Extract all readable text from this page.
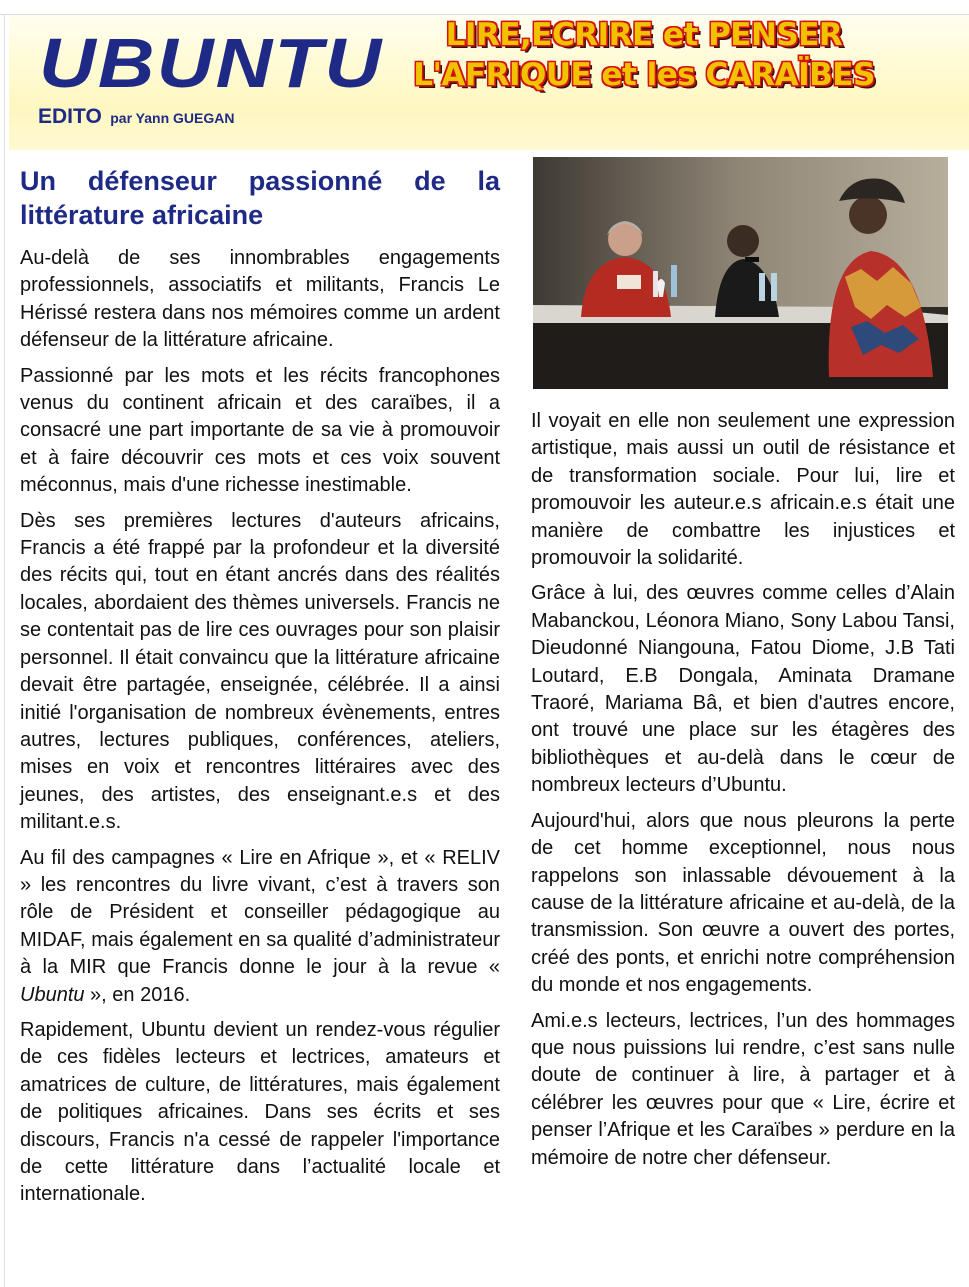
UBUNTU
EDITO par Yann GUEGAN
LIRE,ECRIRE et PENSER
L'AFRIQUE et les CARAÏBES
Un défenseur passionné de la littérature africaine

Au-delà de ses innombrables engagements professionnels, associatifs et militants, Francis Le Hérissé restera dans nos mémoires comme un ardent défenseur de la littérature africaine.

Passionné par les mots et les récits francophones venus du continent africain et des caraïbes, il a consacré une part importante de sa vie à promouvoir et à faire découvrir ces mots et ces voix souvent méconnus, mais d'une richesse inestimable.

Dès ses premières lectures d'auteurs africains, Francis a été frappé par la profondeur et la diversité des récits qui, tout en étant ancrés dans des réalités locales, abordaient des thèmes universels. Francis ne se contentait pas de lire ces ouvrages pour son plaisir personnel. Il était convaincu que la littérature africaine devait être partagée, enseignée, célébrée. Il a ainsi initié l'organisation de nombreux évènements, entres autres, lectures publiques, conférences, ateliers, mises en voix et rencontres littéraires avec des jeunes, des artistes, des enseignant.e.s et des militant.e.s.

Au fil des campagnes « Lire en Afrique », et « RELIV » les rencontres du livre vivant, c’est à travers son rôle de Président et conseiller pédagogique au MIDAF, mais également en sa qualité d’administrateur à la MIR que Francis donne le jour à la revue « Ubuntu », en 2016.

Rapidement, Ubuntu devient un rendez-vous régulier de ces fidèles lecteurs et lectrices, amateurs et amatrices de culture, de littératures, mais également de politiques africaines. Dans ses écrits et ses discours, Francis n'a cessé de rappeler l'importance de cette littérature dans l’actualité locale et internationale.

Il voyait en elle non seulement une expression artistique, mais aussi un outil de résistance et de transformation sociale. Pour lui, lire et promouvoir les auteur.e.s africain.e.s était une manière de combattre les injustices et promouvoir la solidarité.

Grâce à lui, des œuvres comme celles d’Alain Mabanckou, Léonora Miano, Sony Labou Tansi, Dieudonné Niangouna, Fatou Diome, J.B Tati Loutard, E.B Dongala, Aminata Dramane Traoré, Mariama Bâ, et bien d'autres encore, ont trouvé une place sur les étagères des bibliothèques et au-delà dans le cœur de nombreux lecteurs d’Ubuntu.

Aujourd'hui, alors que nous pleurons la perte de cet homme exceptionnel, nous nous rappelons son inlassable dévouement à la cause de la littérature africaine et au-delà, de la transmission. Son œuvre a ouvert des portes, créé des ponts, et enrichi notre compréhension du monde et nos engagements.

Ami.e.s lecteurs, lectrices, l’un des hommages que nous puissions lui rendre, c’est sans nulle doute de continuer à lire, à partager et à célébrer les œuvres pour que « Lire, écrire et penser l’Afrique et les Caraïbes » perdure en la mémoire de notre cher défenseur.
